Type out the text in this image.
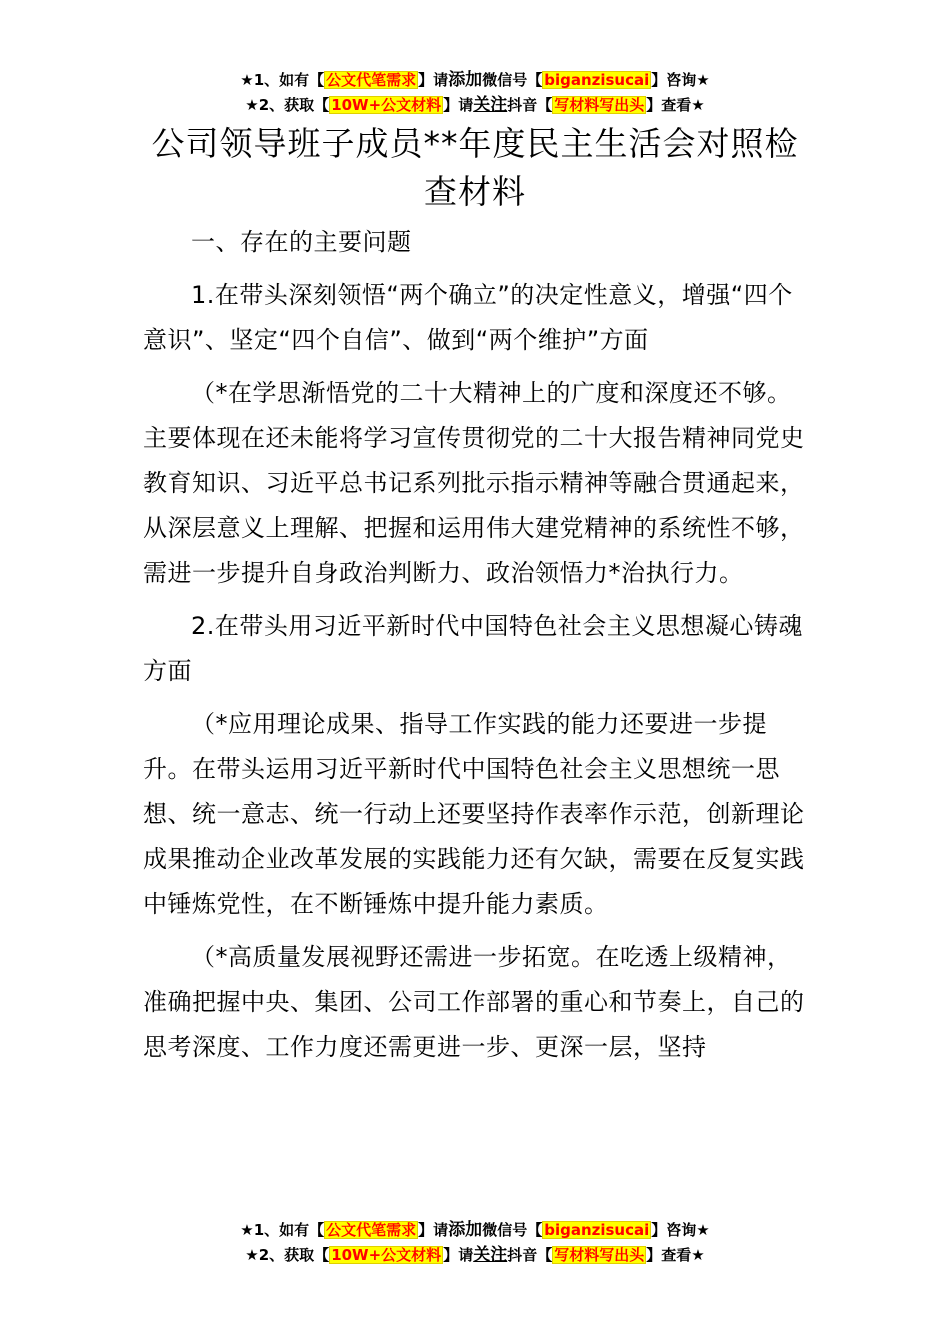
★1、如有【 公文代笔需求 】请添加微信号【 biganzisucai 】咨询★
★2、获取【 10W+公文材料 】请关注抖音【 写材料写出头 】查看★
公司领导班子成员**年度民主生活会对照检查材料

一、存在的主要问题

1.在带头深刻领悟“两个确立”的决定性意义，增强“四个意识”、坚定“四个自信”、做到“两个维护”方面

（*在学思渐悟党的二十大精神上的广度和深度还不够。主要体现在还未能将学习宣传贯彻党的二十大报告精神同党史教育知识、习近平总书记系列批示指示精神等融合贯通起来，从深层意义上理解、把握和运用伟大建党精神的系统性不够，需进一步提升自身政治判断力、政治领悟力*治执行力。

2.在带头用习近平新时代中国特色社会主义思想凝心铸魂方面

（*应用理论成果、指导工作实践的能力还要进一步提升。在带头运用习近平新时代中国特色社会主义思想统一思想、统一意志、统一行动上还要坚持作表率作示范，创新理论成果推动企业改革发展的实践能力还有欠缺，需要在反复实践中锤炼党性，在不断锤炼中提升能力素质。

（*高质量发展视野还需进一步拓宽。在吃透上级精神，准确把握中央、集团、公司工作部署的重心和节奏上，自己的思考深度、工作力度还需更进一步、更深一层，坚持

★1、如有【 公文代笔需求 】请添加微信号【 biganzisucai 】咨询★
★2、获取【 10W+公文材料 】请关注抖音【 写材料写出头 】查看★
